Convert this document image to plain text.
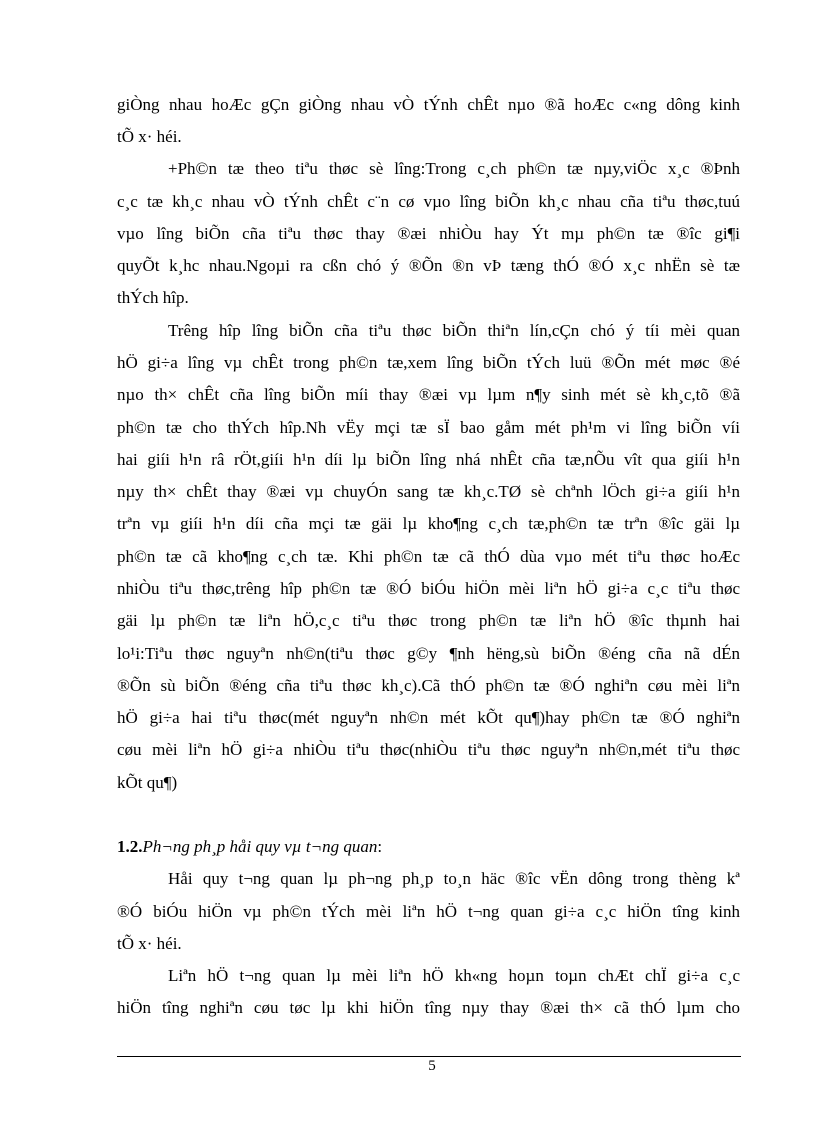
giÒng nhau hoÆc gÇn giÒng nhau vÒ tÝnh chÊt nµo ®ã hoÆc c«ng dông kinh
tÕ x· héi.
+Ph©n tæ theo tiªu thøc sè lîng:Trong c¸ch ph©n tæ nµy,viÖc x¸c ®Þnh
c¸c tæ kh¸c nhau vÒ tÝnh chÊt c¨n cø vµo lîng biÕn kh¸c nhau cña tiªu thøc,tuú
vµo lîng biÕn cña tiªu thøc thay ®æi nhiÒu hay Ýt mµ ph©n tæ ®îc gi¶i
quyÕt k¸hc nhau.Ngoµi ra cßn chó ý ®Õn ®n vÞ tæng thÓ ®Ó x¸c nhËn sè tæ
thÝch hîp.
Trêng hîp lîng biÕn cña tiªu thøc biÕn thiªn lín,cÇn chó ý tíi mèi quan
hÖ gi÷a lîng vµ chÊt trong ph©n tæ,xem lîng biÕn tÝch luü ®Õn mét møc ®é
nµo th× chÊt cña lîng biÕn míi thay ®æi vµ lµm n¶y sinh mét sè kh¸c,tõ ®ã
ph©n tæ cho thÝch hîp.Nh vËy mçi tæ sÏ bao gåm mét ph¹m vi lîng biÕn víi
hai giíi h¹n râ rÖt,giíi h¹n díi lµ biÕn lîng nhá nhÊt cña tæ,nÕu vît qua giíi h¹n
nµy th× chÊt thay ®æi vµ chuyÓn sang tæ kh¸c.TØ sè chªnh lÖch gi÷a giíi h¹n
trªn vµ giíi h¹n díi cña mçi tæ gäi lµ kho¶ng c¸ch tæ,ph©n tæ trªn ®îc gäi lµ
ph©n tæ cã kho¶ng c¸ch tæ. Khi ph©n tæ cã thÓ dùa vµo mét tiªu thøc hoÆc
nhiÒu tiªu thøc,trêng hîp ph©n tæ ®Ó biÓu hiÖn mèi liªn hÖ gi÷a c¸c tiªu thøc
gäi lµ ph©n tæ liªn hÖ,c¸c tiªu thøc trong ph©n tæ liªn hÖ ®îc thµnh hai
lo¹i:Tiªu thøc nguyªn nh©n(tiªu thøc g©y ¶nh hëng,sù biÕn ®éng cña nã dÉn
®Õn sù biÕn ®éng cña tiªu thøc kh¸c).Cã thÓ ph©n tæ ®Ó nghiªn cøu mèi liªn
hÖ gi÷a hai tiªu thøc(mét nguyªn nh©n mét kÕt qu¶)hay ph©n tæ ®Ó nghiªn
cøu mèi liªn hÖ gi÷a nhiÒu tiªu thøc(nhiÒu tiªu thøc nguyªn nh©n,mét tiªu thøc
kÕt qu¶)
1.2.Ph¬ng ph¸p håi quy vµ t¬ng quan:
Håi quy t¬ng quan lµ ph¬ng ph¸p to¸n häc ®îc vËn dông trong thèng kª
®Ó biÓu hiÖn vµ ph©n tÝch mèi liªn hÖ t¬ng quan gi÷a c¸c hiÖn tîng kinh
tÕ x· héi.
Liªn hÖ t¬ng quan lµ mèi liªn hÖ kh«ng hoµn toµn chÆt chÏ gi÷a c¸c
hiÖn tîng nghiªn cøu tøc lµ khi hiÖn tîng nµy thay ®æi th× cã thÓ lµm cho
5
